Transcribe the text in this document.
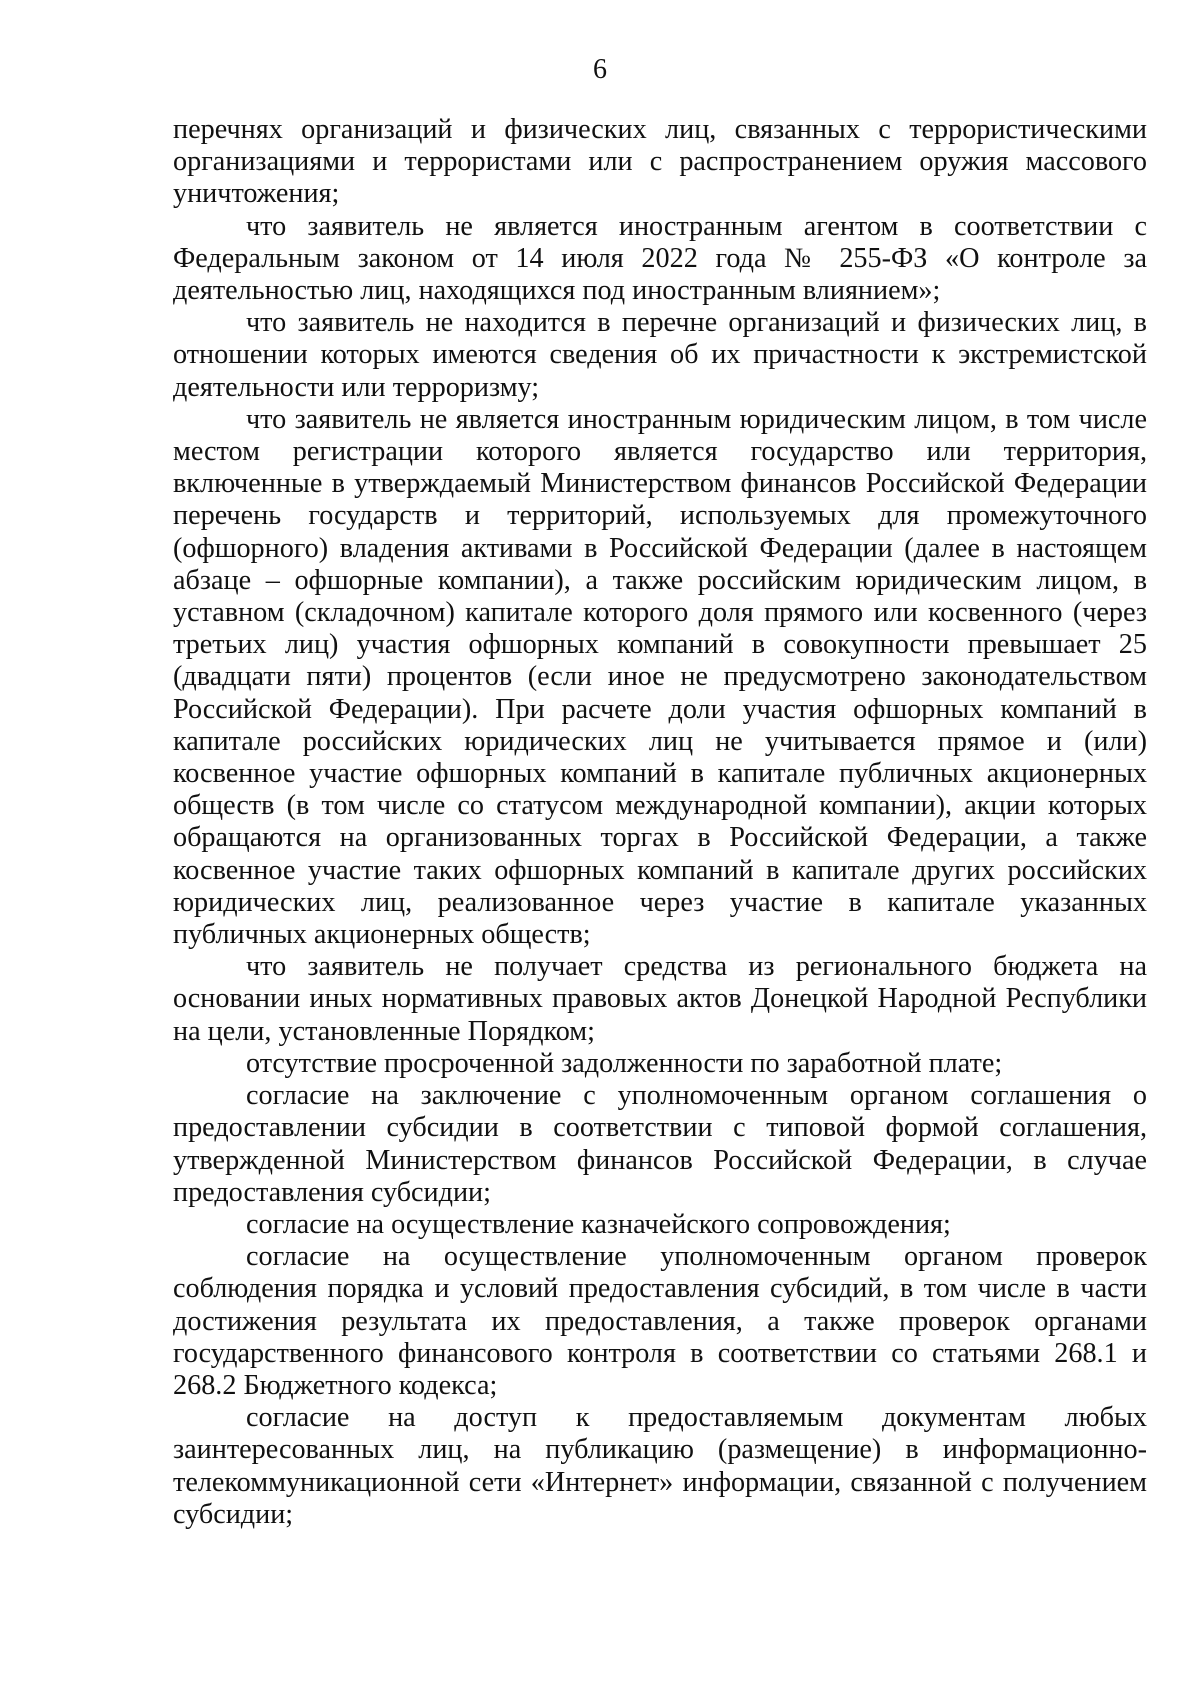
6

перечнях организаций и физических лиц, связанных с террористическими организациями и террористами или с распространением оружия массового уничтожения;

что заявитель не является иностранным агентом в соответствии с Федеральным законом от 14 июля 2022 года № 255-ФЗ «О контроле за деятельностью лиц, находящихся под иностранным влиянием»;

что заявитель не находится в перечне организаций и физических лиц, в отношении которых имеются сведения об их причастности к экстремистской деятельности или терроризму;

что заявитель не является иностранным юридическим лицом, в том числе местом регистрации которого является государство или территория, включенные в утверждаемый Министерством финансов Российской Федерации перечень государств и территорий, используемых для промежуточного (офшорного) владения активами в Российской Федерации (далее в настоящем абзаце – офшорные компании), а также российским юридическим лицом, в уставном (складочном) капитале которого доля прямого или косвенного (через третьих лиц) участия офшорных компаний в совокупности превышает 25 (двадцати пяти) процентов (если иное не предусмотрено законодательством Российской Федерации). При расчете доли участия офшорных компаний в капитале российских юридических лиц не учитывается прямое и (или) косвенное участие офшорных компаний в капитале публичных акционерных обществ (в том числе со статусом международной компании), акции которых обращаются на организованных торгах в Российской Федерации, а также косвенное участие таких офшорных компаний в капитале других российских юридических лиц, реализованное через участие в капитале указанных публичных акционерных обществ;

что заявитель не получает средства из регионального бюджета на основании иных нормативных правовых актов Донецкой Народной Республики на цели, установленные Порядком;

отсутствие просроченной задолженности по заработной плате;

согласие на заключение с уполномоченным органом соглашения о предоставлении субсидии в соответствии с типовой формой соглашения, утвержденной Министерством финансов Российской Федерации, в случае предоставления субсидии;

согласие на осуществление казначейского сопровождения;

согласие на осуществление уполномоченным органом проверок соблюдения порядка и условий предоставления субсидий, в том числе в части достижения результата их предоставления, а также проверок органами государственного финансового контроля в соответствии со статьями 268.1 и 268.2 Бюджетного кодекса;

согласие на доступ к предоставляемым документам любых заинтересованных лиц, на публикацию (размещение) в информационно-телекоммуникационной сети «Интернет» информации, связанной с получением субсидии;
